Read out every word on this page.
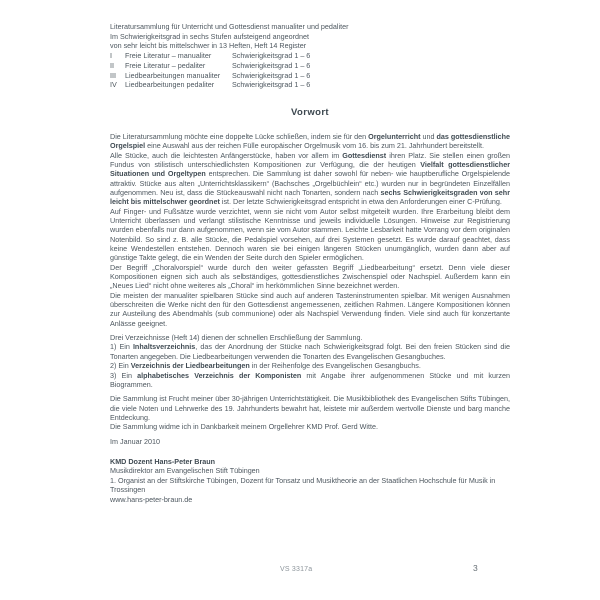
Literatursammlung für Unterricht und Gottesdienst manualiter und pedaliter
Im Schwierigkeitsgrad in sechs Stufen aufsteigend angeordnet
von sehr leicht bis mittelschwer in 13 Heften, Heft 14 Register
I	Freie Literatur – manualiter	Schwierigkeitsgrad 1 – 6
II	Freie Literatur – pedaliter	Schwierigkeitsgrad 1 – 6
III	Liedbearbeitungen manualiter	Schwierigkeitsgrad 1 – 6
IV	Liedbearbeitungen pedaliter	Schwierigkeitsgrad 1 – 6
Vorwort
Die Literatursammlung möchte eine doppelte Lücke schließen, indem sie für den Orgelunterricht und das gottesdienstliche Orgelspiel eine Auswahl aus der reichen Fülle europäischer Orgelmusik vom 16. bis zum 21. Jahrhundert bereitstellt.
Alle Stücke, auch die leichtesten Anfängerstücke, haben vor allem im Gottesdienst ihren Platz. Sie stellen einen großen Fundus von stilistisch unterschiedlichsten Kompositionen zur Verfügung, die der heutigen Vielfalt gottesdienstlicher Situationen und Orgeltypen entsprechen. Die Sammlung ist daher sowohl für neben- wie hauptberufliche Orgelspielende attraktiv. Stücke aus alten „Unterrichtsklassikern“ (Bachsches „Orgelbüchlein“ etc.) wurden nur in begründeten Einzelfällen aufgenommen. Neu ist, dass die Stückeauswahl nicht nach Tonarten, sondern nach sechs Schwierigkeitsgraden von sehr leicht bis mittelschwer geordnet ist. Der letzte Schwierigkeitsgrad entspricht in etwa den Anforderungen einer C-Prüfung.
Auf Finger- und Fußsätze wurde verzichtet, wenn sie nicht vom Autor selbst mitgeteilt wurden. Ihre Erarbeitung bleibt dem Unterricht überlassen und verlangt stilistische Kenntnisse und jeweils individuelle Lösungen. Hinweise zur Registrierung wurden ebenfalls nur dann aufgenommen, wenn sie vom Autor stammen. Leichte Lesbarkeit hatte Vorrang vor dem originalen Notenbild. So sind z. B. alle Stücke, die Pedalspiel vorsehen, auf drei Systemen gesetzt. Es wurde darauf geachtet, dass keine Wendestellen entstehen. Dennoch waren sie bei einigen längeren Stücken unumgänglich, wurden dann aber auf günstige Takte gelegt, die ein Wenden der Seite durch den Spieler ermöglichen.
Der Begriff „Choralvorspiel“ wurde durch den weiter gefassten Begriff „Liedbearbeitung“ ersetzt. Denn viele dieser Kompositionen eignen sich auch als selbständiges, gottesdienstliches Zwischenspiel oder Nachspiel. Außerdem kann ein „Neues Lied“ nicht ohne weiteres als „Choral“ im herkömmlichen Sinne bezeichnet werden.
Die meisten der manualiter spielbaren Stücke sind auch auf anderen Tasteninstrumenten spielbar. Mit wenigen Ausnahmen überschreiten die Werke nicht den für den Gottesdienst angemessenen, zeitlichen Rahmen. Längere Kompositionen können zur Austeilung des Abendmahls (sub communione) oder als Nachspiel Verwendung finden. Viele sind auch für konzertante Anlässe geeignet.
Drei Verzeichnisse (Heft 14) dienen der schnellen Erschließung der Sammlung.
1) Ein Inhaltsverzeichnis, das der Anordnung der Stücke nach Schwierigkeitsgrad folgt. Bei den freien Stücken sind die Tonarten angegeben. Die Liedbearbeitungen verwenden die Tonarten des Evangelischen Gesangbuches.
2) Ein Verzeichnis der Liedbearbeitungen in der Reihenfolge des Evangelischen Gesangbuchs.
3) Ein alphabetisches Verzeichnis der Komponisten mit Angabe ihrer aufgenommenen Stücke und mit kurzen Biogrammen.
Die Sammlung ist Frucht meiner über 30-jährigen Unterrichtstätigkeit. Die Musikbibliothek des Evangelischen Stifts Tübingen, die viele Noten und Lehrwerke des 19. Jahrhunderts bewahrt hat, leistete mir außerdem wertvolle Dienste und barg manche Entdeckung.
Die Sammlung widme ich in Dankbarkeit meinem Orgellehrer KMD Prof. Gerd Witte.
Im Januar 2010
KMD Dozent Hans-Peter Braun
Musikdirektor am Evangelischen Stift Tübingen
1. Organist an der Stiftskirche Tübingen, Dozent für Tonsatz und Musiktheorie an der Staatlichen Hochschule für Musik in Trossingen
www.hans-peter-braun.de
VS 3317a	3
